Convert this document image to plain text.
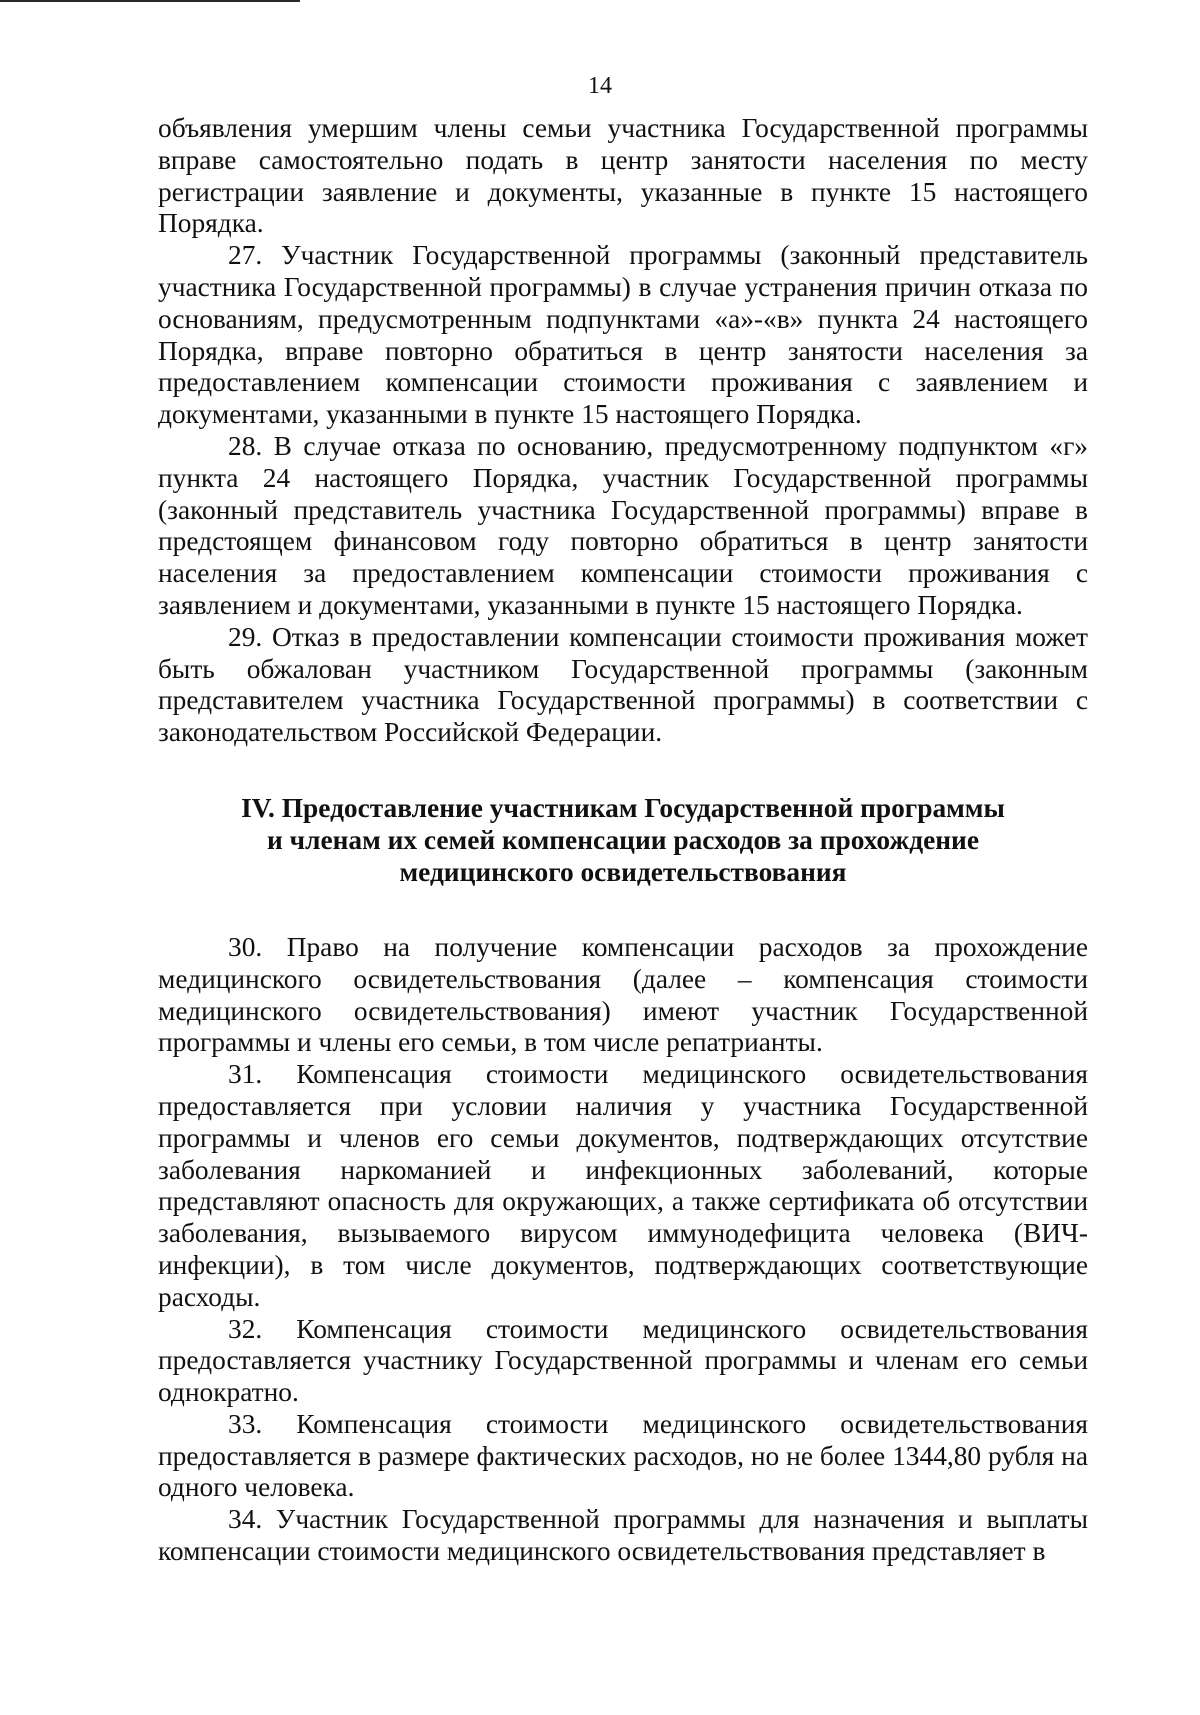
14

объявления умершим члены семьи участника Государственной программы вправе самостоятельно подать в центр занятости населения по месту регистрации заявление и документы, указанные в пункте 15 настоящего Порядка.

27. Участник Государственной программы (законный представитель участника Государственной программы) в случае устранения причин отказа по основаниям, предусмотренным подпунктами «а»-«в» пункта 24 настоящего Порядка, вправе повторно обратиться в центр занятости населения за предоставлением компенсации стоимости проживания с заявлением и документами, указанными в пункте 15 настоящего Порядка.

28. В случае отказа по основанию, предусмотренному подпунктом «г» пункта 24 настоящего Порядка, участник Государственной программы (законный представитель участника Государственной программы) вправе в предстоящем финансовом году повторно обратиться в центр занятости населения за предоставлением компенсации стоимости проживания с заявлением и документами, указанными в пункте 15 настоящего Порядка.

29. Отказ в предоставлении компенсации стоимости проживания может быть обжалован участником Государственной программы (законным представителем участника Государственной программы) в соответствии с законодательством Российской Федерации.

IV. Предоставление участникам Государственной программы
и членам их семей компенсации расходов за прохождение
медицинского освидетельствования

30. Право на получение компенсации расходов за прохождение медицинского освидетельствования (далее – компенсация стоимости медицинского освидетельствования) имеют участник Государственной программы и члены его семьи, в том числе репатрианты.

31. Компенсация стоимости медицинского освидетельствования предоставляется при условии наличия у участника Государственной программы и членов его семьи документов, подтверждающих отсутствие заболевания наркоманией и инфекционных заболеваний, которые представляют опасность для окружающих, а также сертификата об отсутствии заболевания, вызываемого вирусом иммунодефицита человека (ВИЧ-инфекции), в том числе документов, подтверждающих соответствующие расходы.

32. Компенсация стоимости медицинского освидетельствования предоставляется участнику Государственной программы и членам его семьи однократно.

33. Компенсация стоимости медицинского освидетельствования предоставляется в размере фактических расходов, но не более 1344,80 рубля на одного человека.

34. Участник Государственной программы для назначения и выплаты компенсации стоимости медицинского освидетельствования представляет в
